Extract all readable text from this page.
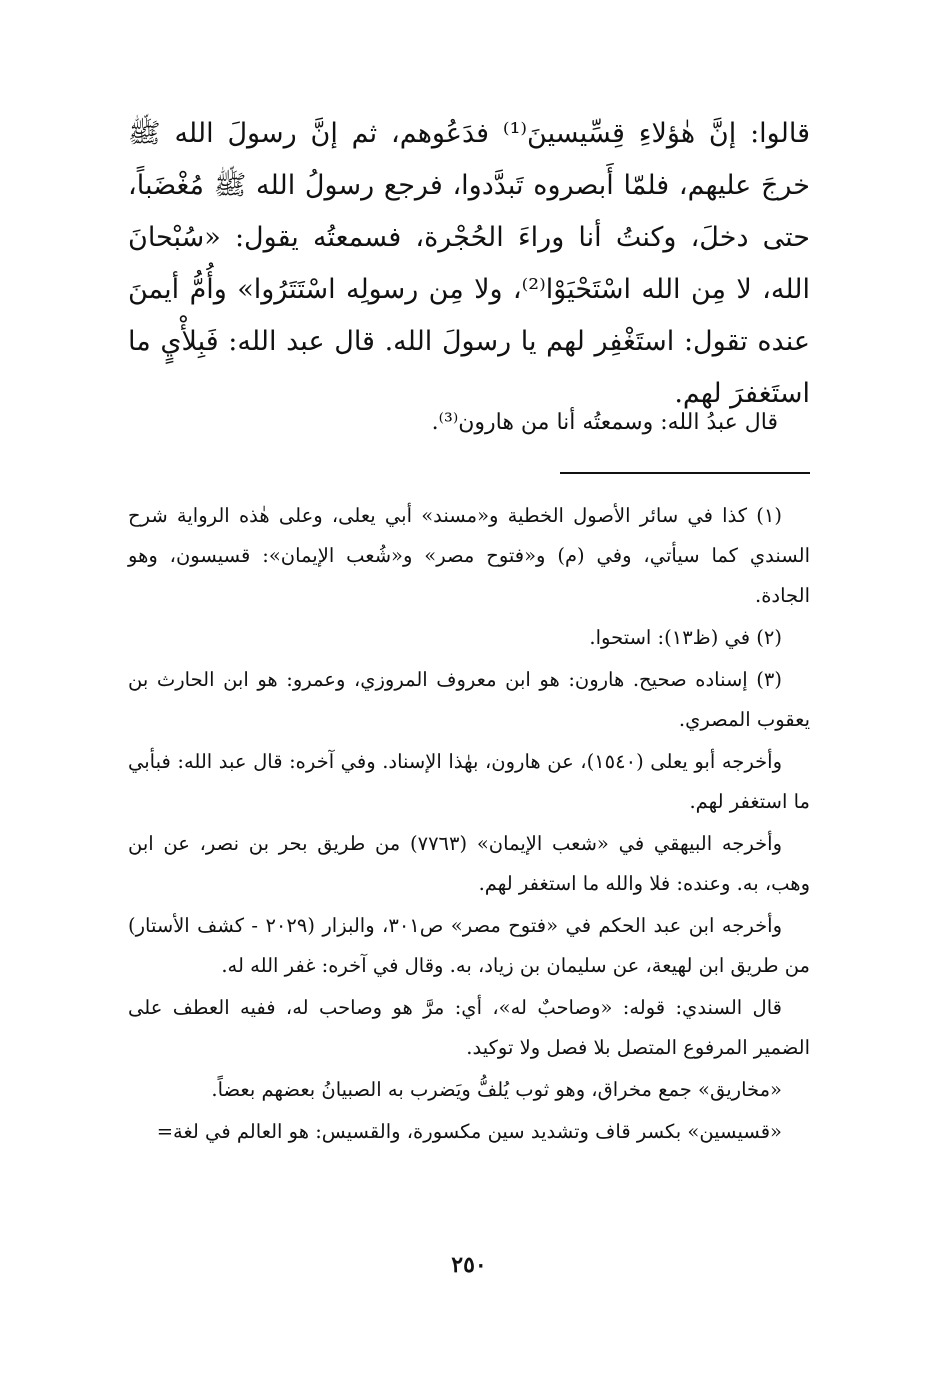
قالوا: إنَّ هٰؤلاءِ قِسِّيسينَ⁽¹⁾ فدَعُوهم، ثم إنَّ رسولَ الله ﷺ خرجَ عليهم، فلمّا أَبصروه تَبدَّدوا، فرجع رسولُ الله ﷺ مُغْضَباً، حتى دخلَ، وكنتُ أنا وراءَ الحُجْرة، فسمعتُه يقول: «سُبْحانَ الله، لا مِن الله اسْتَحْيَوْا⁽²⁾، ولا مِن رسولِه اسْتَتَرُوا» وأُمُّ أيمنَ عنده تقول: استَغْفِر لهم يا رسولَ الله. قال عبد الله: فَبِلأْيٍ ما استَغفرَ لهم.

قال عبدُ الله: وسمعتُه أنا من هارون⁽³⁾.

(١) كذا في سائر الأصول الخطية و«مسند» أبي يعلى، وعلى هٰذه الرواية شرح السندي كما سيأتي، وفي (م) و«فتوح مصر» و«شُعب الإيمان»: قسيسون، وهو الجادة.

(٢) في (ظ١٣): استحوا.

(٣) إسناده صحيح. هارون: هو ابن معروف المروزي، وعمرو: هو ابن الحارث بن يعقوب المصري.

وأخرجه أبو يعلى (١٥٤٠)، عن هارون، بهٰذا الإسناد. وفي آخره: قال عبد الله: فبأبي ما استغفر لهم.

وأخرجه البيهقي في «شعب الإيمان» (٧٧٦٣) من طريق بحر بن نصر، عن ابن وهب، به. وعنده: فلا والله ما استغفر لهم.

وأخرجه ابن عبد الحكم في «فتوح مصر» ص٣٠١، والبزار (٢٠٢٩ - كشف الأستار) من طريق ابن لهيعة، عن سليمان بن زياد، به. وقال في آخره: غفر الله له.

قال السندي: قوله: «وصاحبٌ له»، أي: مرَّ هو وصاحب له، ففيه العطف على الضمير المرفوع المتصل بلا فصل ولا توكيد.

«مخاريق» جمع مخراق، وهو ثوب يُلفُّ ويَضرب به الصبيانُ بعضهم بعضاً.

«قسيسين» بكسر قاف وتشديد سين مكسورة، والقسيس: هو العالم في لغة=

٢٥٠
